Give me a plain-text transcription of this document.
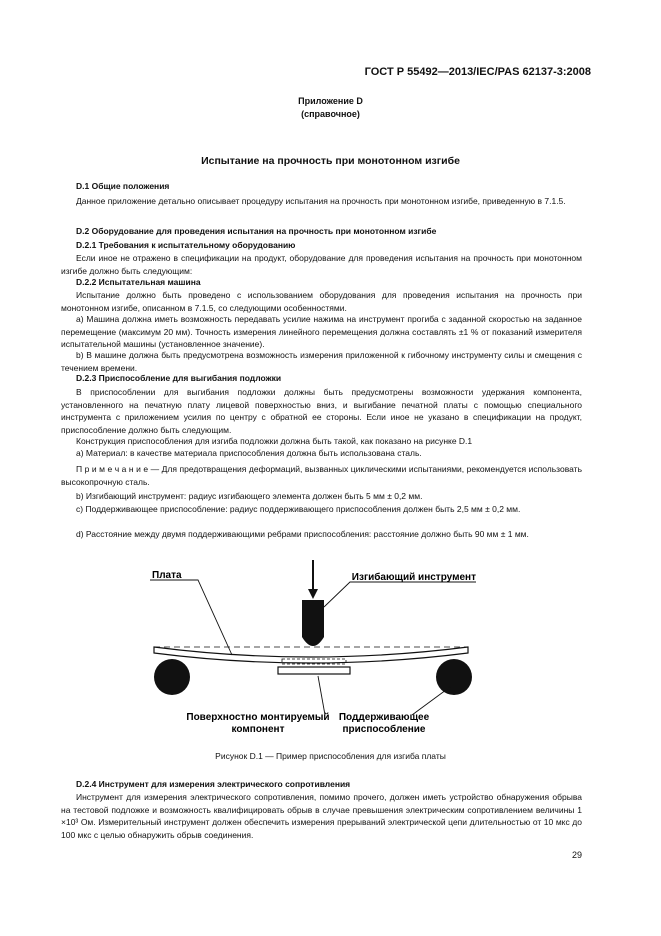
ГОСТ Р 55492—2013/IEC/PAS 62137-3:2008
Приложение D
(справочное)
Испытание на прочность при монотонном изгибе
D.1 Общие положения
Данное приложение детально описывает процедуру испытания на прочность при монотонном изгибе, приведенную в 7.1.5.
D.2 Оборудование для проведения испытания на прочность при монотонном изгибе
D.2.1 Требования к испытательному оборудованию
Если иное не отражено в спецификации на продукт, оборудование для проведения испытания на прочность при монотонном изгибе должно быть следующим:
D.2.2 Испытательная машина
Испытание должно быть проведено с использованием оборудования для проведения испытания на прочность при монотонном изгибе, описанном в 7.1.5, со следующими особенностями.
a) Машина должна иметь возможность передавать усилие нажима на инструмент прогиба с заданной скоростью на заданное перемещение (максимум 20 мм). Точность измерения линейного перемещения должна составлять ±1 % от показаний измерителя испытательной машины (установленное значение).
b) В машине должна быть предусмотрена возможность измерения приложенной к гибочному инструменту силы и смещения с течением времени.
D.2.3 Приспособление для выгибания подложки
В приспособлении для выгибания подложки должны быть предусмотрены возможности удержания компонента, установленного на печатную плату лицевой поверхностью вниз, и выгибание печатной платы с помощью специального инструмента с приложением усилия по центру с обратной ее стороны. Если иное не указано в спецификации на продукт, приспособление должно быть следующим.
Конструкция приспособления для изгиба подложки должна быть такой, как показано на рисунке D.1
a) Материал: в качестве материала приспособления должна быть использована сталь.
П р и м е ч а н и е — Для предотвращения деформаций, вызванных циклическими испытаниями, рекомендуется использовать высокопрочную сталь.
b) Изгибающий инструмент: радиус изгибающего элемента должен быть 5 мм ± 0,2 мм.
c) Поддерживающее приспособление: радиус поддерживающего приспособления должен быть 2,5 мм ± 0,2 мм.
d) Расстояние между двумя поддерживающими ребрами приспособления: расстояние должно быть 90 мм ± 1 мм.
Плата	Изгибающий инструмент
Поверхностно монтируемый
компонент
Поддерживающее
приспособление
Рисунок D.1 — Пример приспособления для изгиба платы
D.2.4 Инструмент для измерения электрического сопротивления
Инструмент для измерения электрического сопротивления, помимо прочего, должен иметь устройство обнаружения обрыва на тестовой подложке и возможность квалифицировать обрыв в случае превышения электрическим сопротивлением величины 1 ×10³ Ом. Измерительный инструмент должен обеспечить измерения прерываний электрической цепи длительностью от 10 мкс до 100 мкс с целью обнаружить обрыв соединения.
29
